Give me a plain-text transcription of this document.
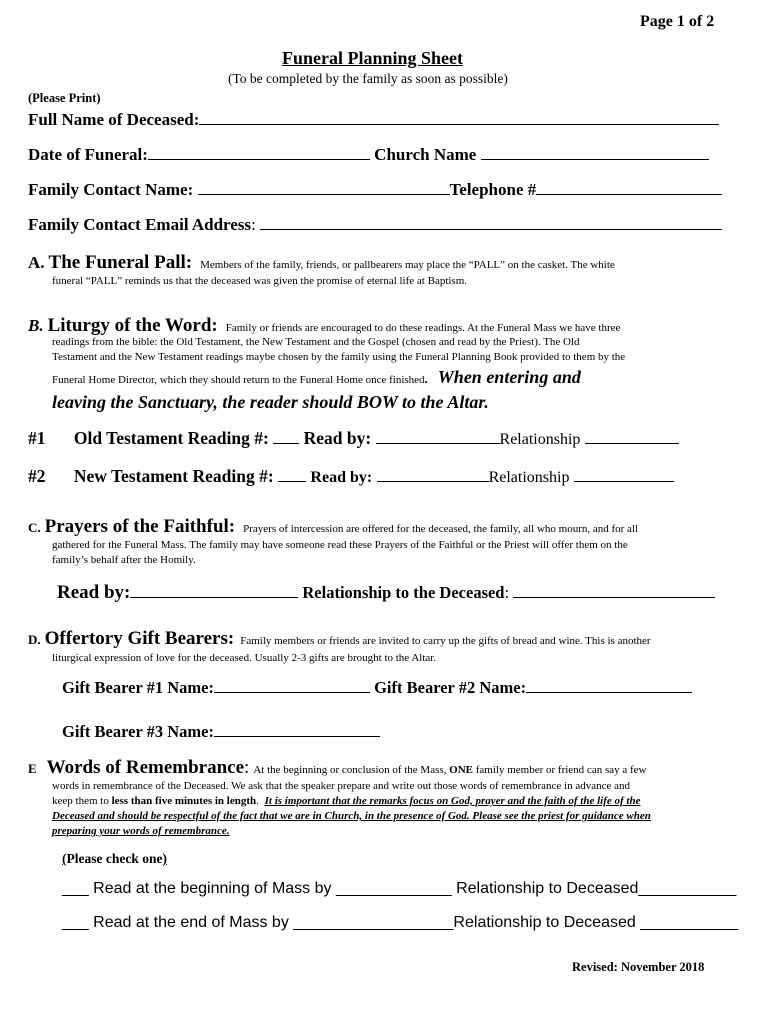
Page 1 of 2
Funeral Planning Sheet
(To be completed by the family as soon as possible)
(Please Print)
Full Name of Deceased:
Date of Funeral:	Church Name
Family Contact Name:	Telephone #
Family Contact Email Address:
A. The Funeral Pall: Members of the family, friends, or pallbearers may place the “PALL” on the casket. The white
funeral “PALL” reminds us that the deceased was given the promise of eternal life at Baptism.
B. Liturgy of the Word: Family or friends are encouraged to do these readings. At the Funeral Mass we have three
readings from the bible: the Old Testament, the New Testament and the Gospel (chosen and read by the Priest). The Old
Testament and the New Testament readings maybe chosen by the family using the Funeral Planning Book provided to them by the
Funeral Home Director, which they should return to the Funeral Home once finished. When entering and
leaving the Sanctuary, the reader should BOW to the Altar.
#1 Old Testament Reading #: Read by:	Relationship
#2 New Testament Reading #: Read by:	Relationship
C. Prayers of the Faithful: Prayers of intercession are offered for the deceased, the family, all who mourn, and for all
gathered for the Funeral Mass. The family may have someone read these Prayers of the Faithful or the Priest will offer them on the
family’s behalf after the Homily.
Read by:	Relationship to the Deceased:
D. Offertory Gift Bearers: Family members or friends are invited to carry up the gifts of bread and wine. This is another
liturgical expression of love for the deceased. Usually 2-3 gifts are brought to the Altar.
Gift Bearer #1 Name:	Gift Bearer #2 Name:
Gift Bearer #3 Name:
E Words of Remembrance: At the beginning or conclusion of the Mass, ONE family member or friend can say a few
words in remembrance of the Deceased. We ask that the speaker prepare and write out those words of remembrance in advance and
keep them to less than five minutes in length. It is important that the remarks focus on God, prayer and the faith of the life of the
Deceased and should be respectful of the fact that we are in Church, in the presence of God. Please see the priest for guidance when
preparing your words of remembrance.
(Please check one)
___ Read at the beginning of Mass by _____________ Relationship to Deceased___________
___ Read at the end of Mass by __________________Relationship to Deceased ___________
Revised: November 2018
